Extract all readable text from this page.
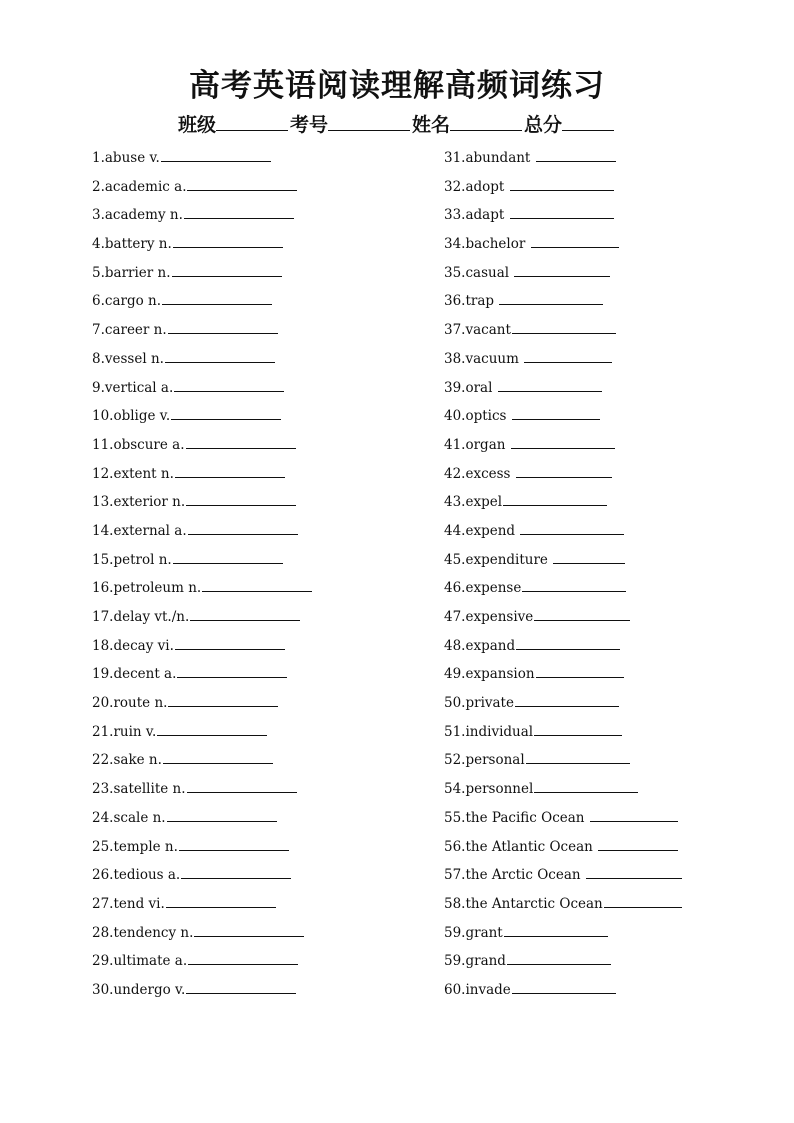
高考英语阅读理解高频词练习
班级	考号	姓名	总分
1.abuse v.
2.academic a.
3.academy n.
4.battery n.
5.barrier n.
6.cargo n.
7.career n.
8.vessel n.
9.vertical a.
10.oblige v.
11.obscure a.
12.extent n.
13.exterior n.
14.external a.
15.petrol n.
16.petroleum n.
17.delay vt./n.
18.decay vi.
19.decent a.
20.route n.
21.ruin v.
22.sake n.
23.satellite n.
24.scale n.
25.temple n.
26.tedious a.
27.tend vi.
28.tendency n.
29.ultimate a.
30.undergo v.
31.abundant
32.adopt
33.adapt
34.bachelor
35.casual
36.trap
37.vacant
38.vacuum
39.oral
40.optics
41.organ
42.excess
43.expel
44.expend
45.expenditure
46.expense
47.expensive
48.expand
49.expansion
50.private
51.individual
52.personal
54.personnel
55.the Pacific Ocean
56.the Atlantic Ocean
57.the Arctic Ocean
58.the Antarctic Ocean
59.grant
59.grand
60.invade
